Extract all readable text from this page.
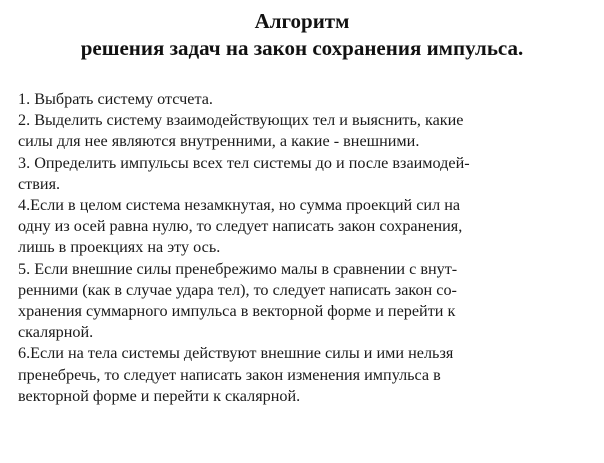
Алгоритм
решения задач на закон сохранения импульса.
1. Выбрать систему отсчета.
2. Выделить систему взаимодействующих тел и выяснить, какие
силы для нее являются внутренними, а какие - внешними.
3. Определить импульсы всех тел системы до и после взаимодей-
ствия.
4.Если в целом система незамкнутая, но сумма проекций сил на
одну из осей равна нулю, то следует написать закон сохранения,
лишь в проекциях на эту ось.
5. Если внешние силы пренебрежимо малы в сравнении с внут-
ренними (как в случае удара тел), то следует написать закон со-
хранения суммарного импульса в векторной форме и перейти к
скалярной.
6.Если на тела системы действуют внешние силы и ими нельзя
пренебречь, то следует написать закон изменения импульса в
векторной форме и перейти к скалярной.
